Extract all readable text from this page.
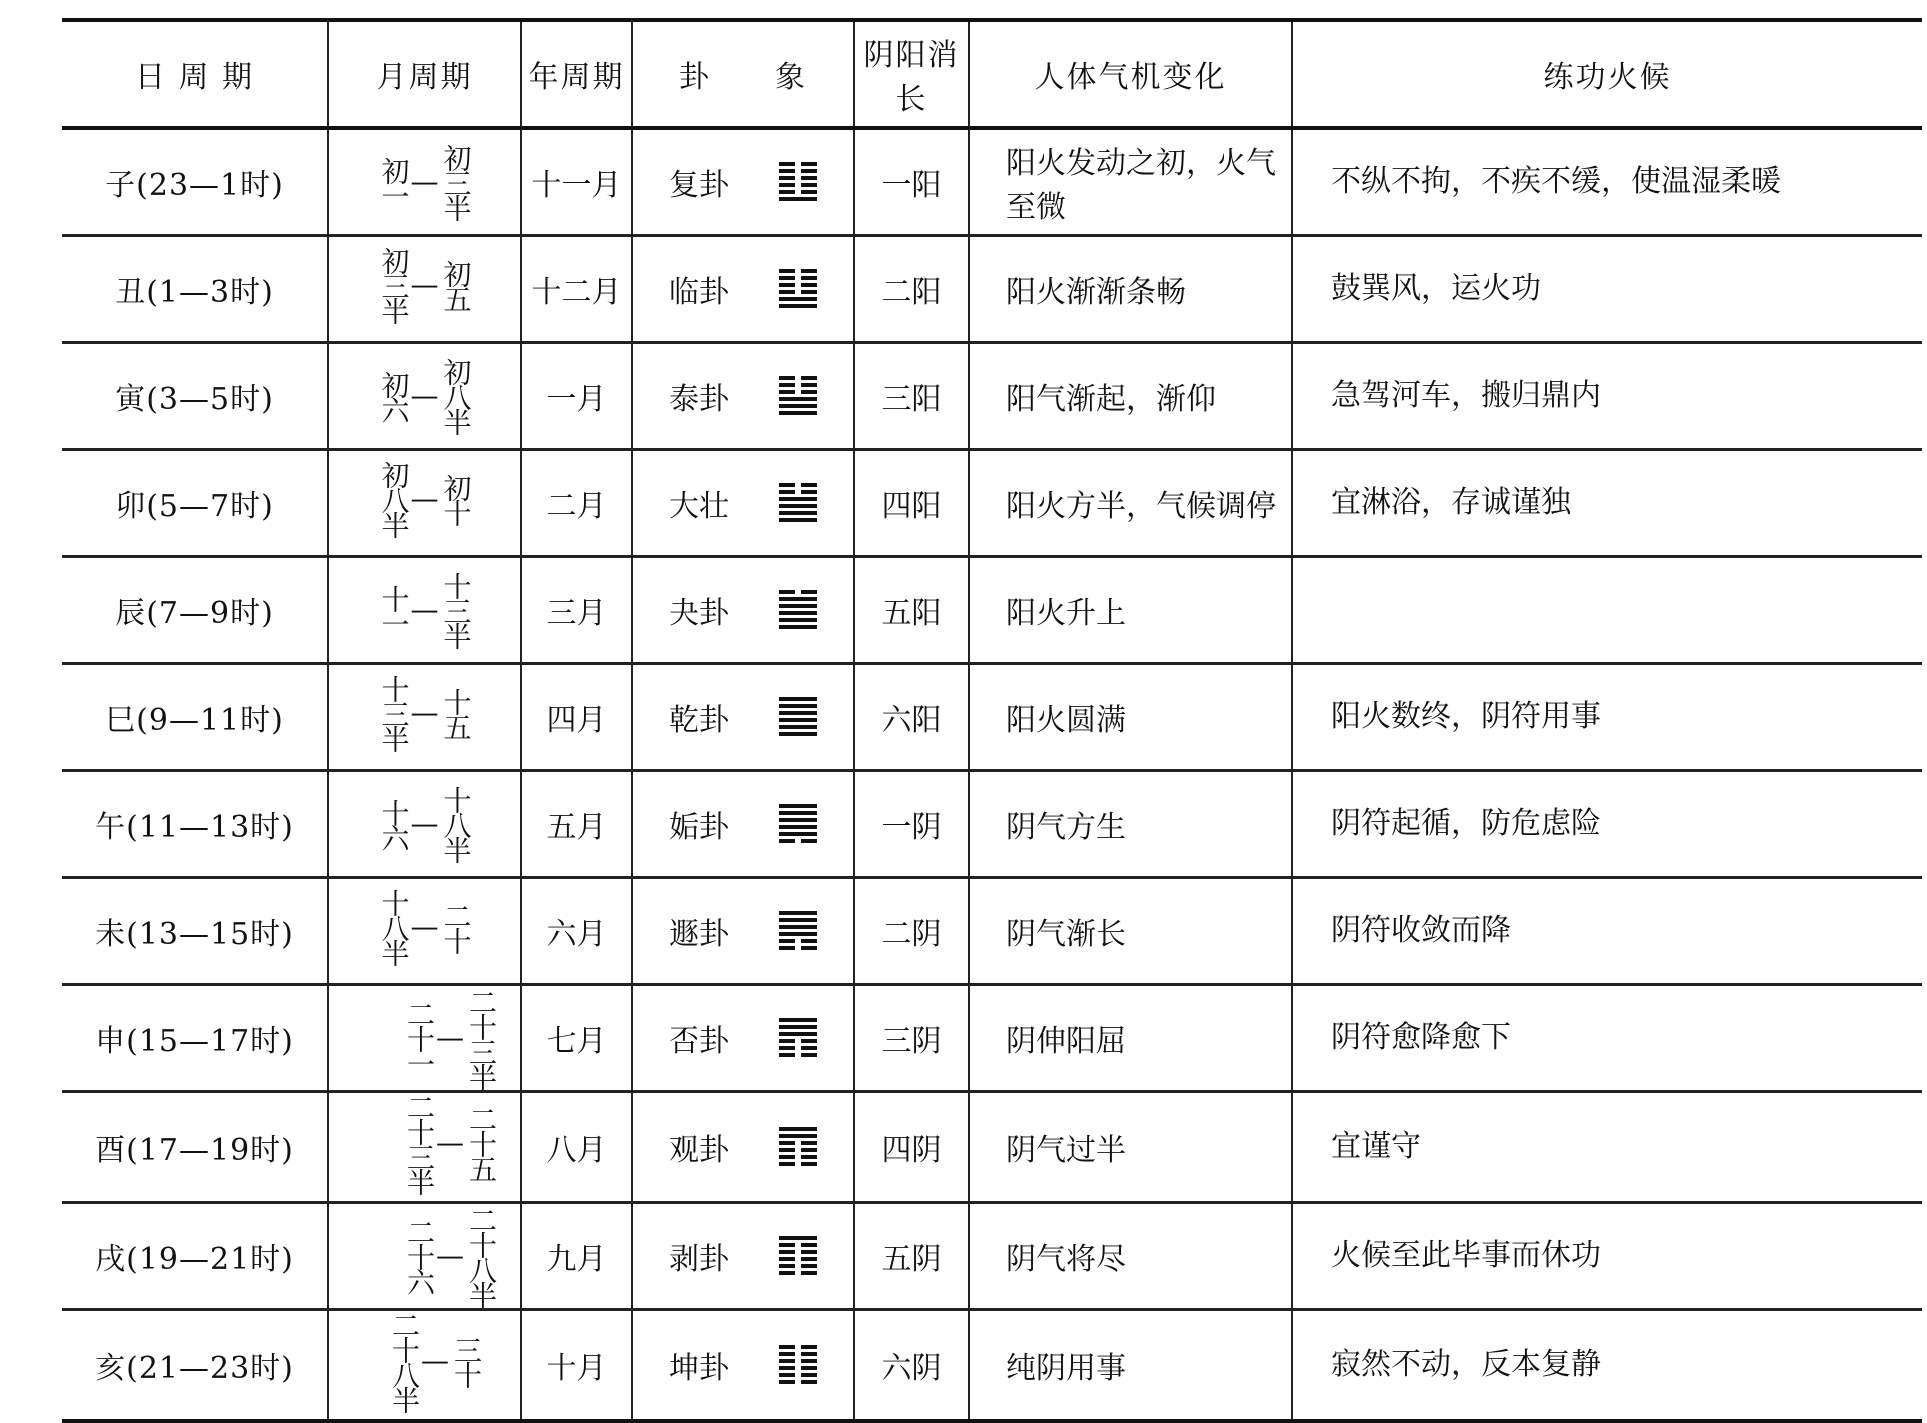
日 周 期	月周期	年周期	卦　　象	阴阳消长	人体气机变化	练功火候
子(23—1时)	初一 — 初三半	十一月	复卦	一阳	阳火发动之初，火气至微	不纵不拘，不疾不缓，使温湿柔暖
丑(1—3时)	初三半 — 初五	十二月	临卦	二阳	阳火渐渐条畅	鼓巽风，运火功
寅(3—5时)	初六 — 初八半	一月	泰卦	三阳	阳气渐起，渐仰	急驾河车，搬归鼎内
卯(5—7时)	初八半 — 初十	二月	大壮	四阳	阳火方半，气候调停	宜淋浴，存诚谨独
辰(7—9时)	十一 — 十三半	三月	夬卦	五阳	阳火升上	
巳(9—11时)	十三半 — 十五	四月	乾卦	六阳	阳火圆满	阳火数终，阴符用事
午(11—13时)	十六 — 十八半	五月	姤卦	一阴	阴气方生	阴符起循，防危虑险
未(13—15时)	十八半 — 二十	六月	遯卦	二阴	阴气渐长	阴符收敛而降
申(15—17时)	二十一 — 二十三半	七月	否卦	三阴	阴伸阳屈	阴符愈降愈下
酉(17—19时)	二十三半 — 二十五	八月	观卦	四阴	阴气过半	宜谨守
戌(19—21时)	二十六 — 二十八半	九月	剥卦	五阴	阴气将尽	火候至此毕事而休功
亥(21—23时)	二十八半 — 三十	十月	坤卦	六阴	纯阴用事	寂然不动，反本复静
